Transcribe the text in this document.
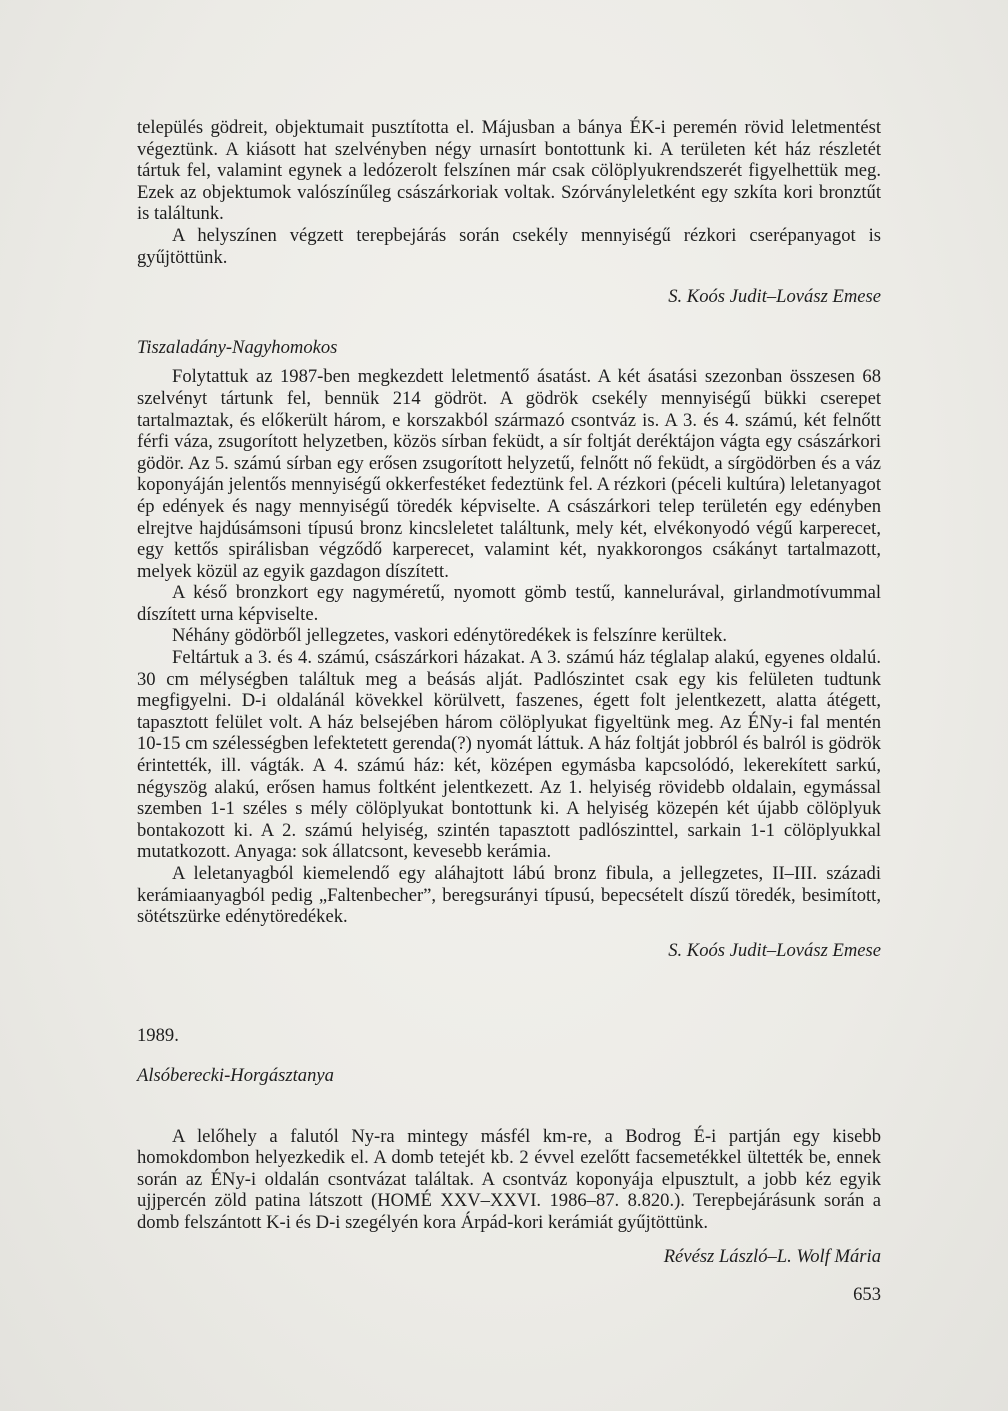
település gödreit, objektumait pusztította el. Májusban a bánya ÉK-i peremén rövid leletmentést végeztünk. A kiásott hat szelvényben négy urnasírt bontottunk ki. A területen két ház részletét tártuk fel, valamint egynek a ledózerolt felszínen már csak cölöplyukrendszerét figyelhettük meg. Ezek az objektumok valószínűleg császárkoriak voltak. Szórványleletként egy szkíta kori bronztűt is találtunk.

A helyszínen végzett terepbejárás során csekély mennyiségű rézkori cserépanyagot is gyűjtöttünk.

S. Koós Judit–Lovász Emese

Tiszaladány-Nagyhomokos

Folytattuk az 1987-ben megkezdett leletmentő ásatást. A két ásatási szezonban összesen 68 szelvényt tártunk fel, bennük 214 gödröt. A gödrök csekély mennyiségű bükki cserepet tartalmaztak, és előkerült három, e korszakból származó csontváz is. A 3. és 4. számú, két felnőtt férfi váza, zsugorított helyzetben, közös sírban feküdt, a sír foltját deréktájon vágta egy császárkori gödör. Az 5. számú sírban egy erősen zsugorított helyzetű, felnőtt nő feküdt, a sírgödörben és a váz koponyáján jelentős mennyiségű okkerfestéket fedeztünk fel. A rézkori (péceli kultúra) leletanyagot ép edények és nagy mennyiségű töredék képviselte. A császárkori telep területén egy edényben elrejtve hajdúsámsoni típusú bronz kincsleletet találtunk, mely két, elvékonyodó végű karperecet, egy kettős spirálisban végződő karperecet, valamint két, nyakkorongos csákányt tartalmazott, melyek közül az egyik gazdagon díszített.

A késő bronzkort egy nagyméretű, nyomott gömb testű, kannelurával, girlandmotívummal díszített urna képviselte.

Néhány gödörből jellegzetes, vaskori edénytöredékek is felszínre kerültek.

Feltártuk a 3. és 4. számú, császárkori házakat. A 3. számú ház téglalap alakú, egyenes oldalú. 30 cm mélységben találtuk meg a beásás alját. Padlószintet csak egy kis felületen tudtunk megfigyelni. D-i oldalánál kövekkel körülvett, faszenes, égett folt jelentkezett, alatta átégett, tapasztott felület volt. A ház belsejében három cölöplyukat figyeltünk meg. Az ÉNy-i fal mentén 10-15 cm szélességben lefektetett gerenda(?) nyomát láttuk. A ház foltját jobbról és balról is gödrök érintették, ill. vágták. A 4. számú ház: két, középen egymásba kapcsolódó, lekerekített sarkú, négyszög alakú, erősen hamus foltként jelentkezett. Az 1. helyiség rövidebb oldalain, egymással szemben 1-1 széles s mély cölöplyukat bontottunk ki. A helyiség közepén két újabb cölöplyuk bontakozott ki. A 2. számú helyiség, szintén tapasztott padlószinttel, sarkain 1-1 cölöplyukkal mutatkozott. Anyaga: sok állatcsont, kevesebb kerámia.

A leletanyagból kiemelendő egy aláhajtott lábú bronz fibula, a jellegzetes, II–III. századi kerámiaanyagból pedig „Faltenbecher”, beregsurányi típusú, bepecsételt díszű töredék, besimított, sötétszürke edénytöredékek.

S. Koós Judit–Lovász Emese

1989.

Alsóberecki-Horgásztanya

A lelőhely a falutól Ny-ra mintegy másfél km-re, a Bodrog É-i partján egy kisebb homokdombon helyezkedik el. A domb tetejét kb. 2 évvel ezelőtt facsemetékkel ültették be, ennek során az ÉNy-i oldalán csontvázat találtak. A csontváz koponyája elpusztult, a jobb kéz egyik ujjpercén zöld patina látszott (HOMÉ XXV–XXVI. 1986–87. 8.820.). Terepbejárásunk során a domb felszántott K-i és D-i szegélyén kora Árpád-kori kerámiát gyűjtöttünk.

Révész László–L. Wolf Mária

653
